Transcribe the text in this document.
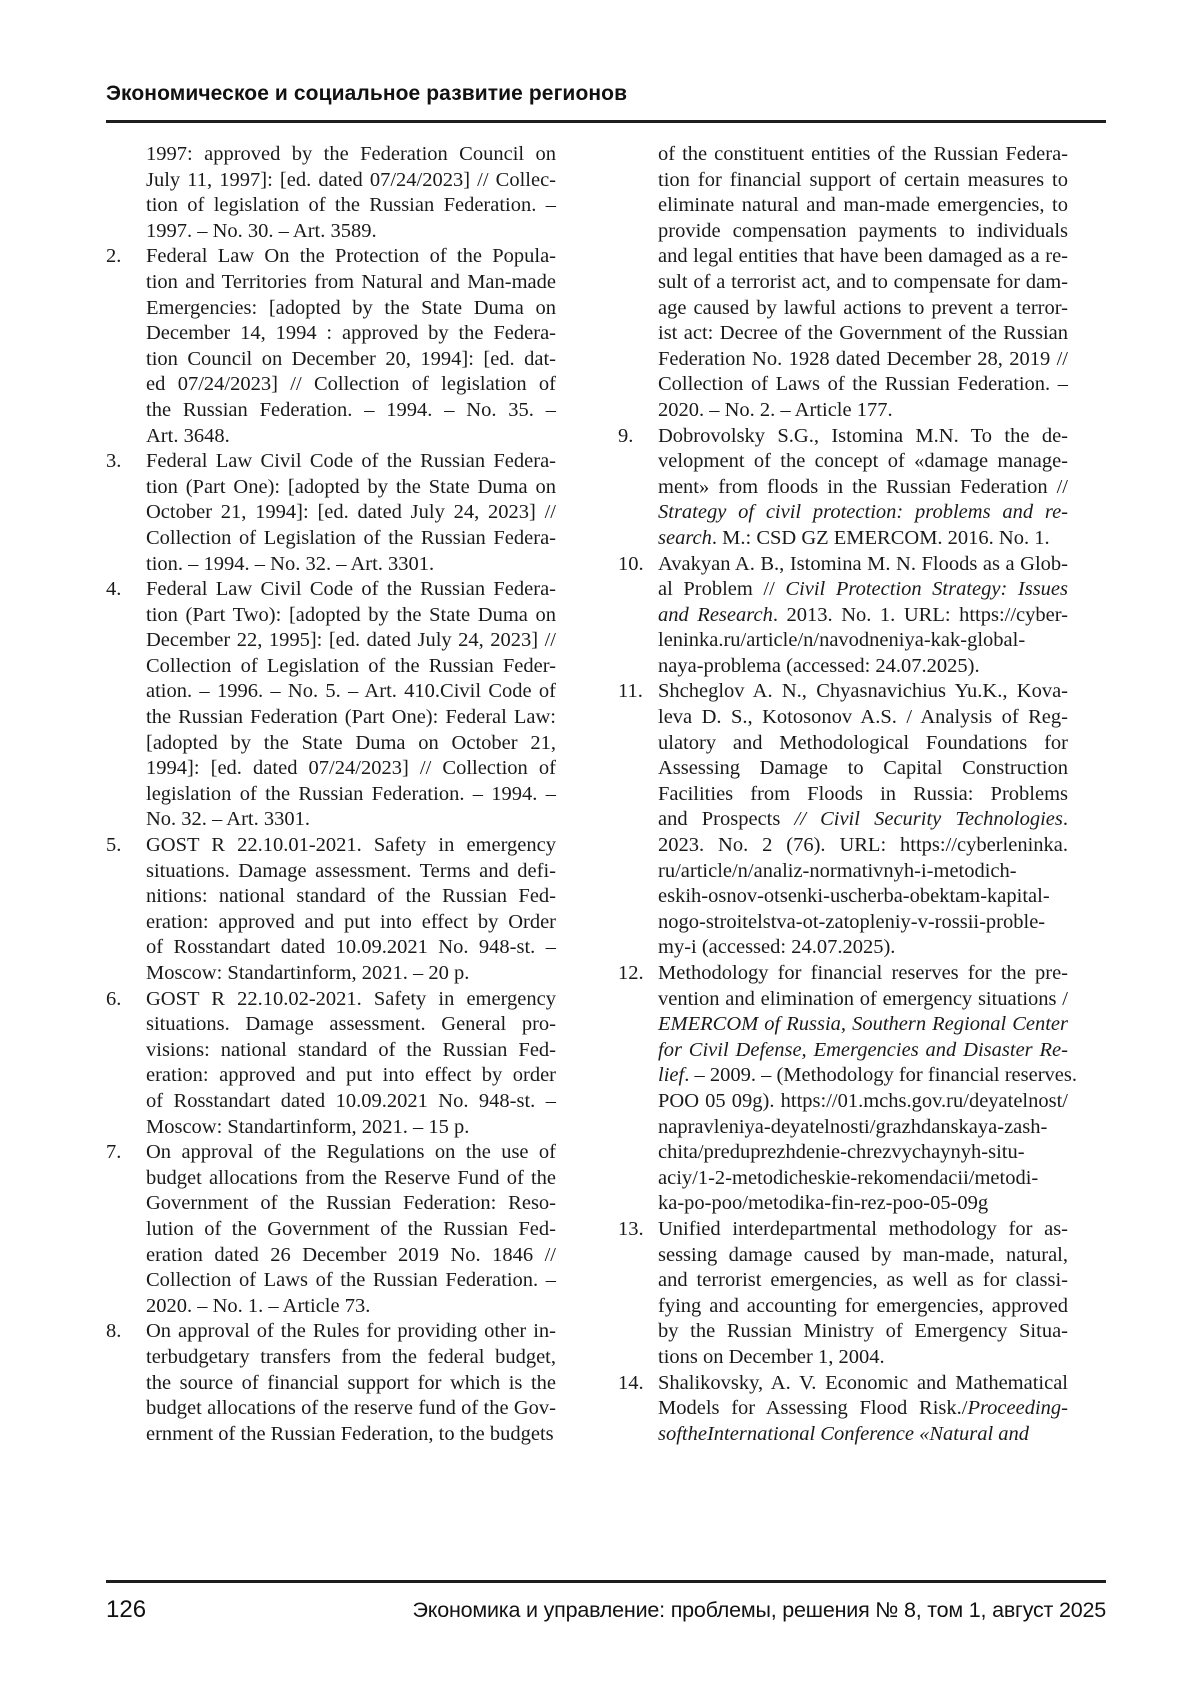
Экономическое и социальное развитие регионов
1997: approved by the Federation Council on
July 11, 1997]: [ed. dated 07/24/2023] // Collec-
tion of legislation of the Russian Federation. –
1997. – No. 30. – Art. 3589.
2. Federal Law On the Protection of the Popula-
tion and Territories from Natural and Man-made
Emergencies: [adopted by the State Duma on
December 14, 1994 : approved by the Federa-
tion Council on December 20, 1994]: [ed. dat-
ed 07/24/2023] // Collection of legislation of
the Russian Federation. – 1994. – No. 35. –
Art. 3648.
3. Federal Law Civil Code of the Russian Federa-
tion (Part One): [adopted by the State Duma on
October 21, 1994]: [ed. dated July 24, 2023] //
Collection of Legislation of the Russian Federa-
tion. – 1994. – No. 32. – Art. 3301.
4. Federal Law Civil Code of the Russian Federa-
tion (Part Two): [adopted by the State Duma on
December 22, 1995]: [ed. dated July 24, 2023] //
Collection of Legislation of the Russian Feder-
ation. – 1996. – No. 5. – Art. 410.Civil Code of
the Russian Federation (Part One): Federal Law:
[adopted by the State Duma on October 21,
1994]: [ed. dated 07/24/2023] // Collection of
legislation of the Russian Federation. – 1994. –
No. 32. – Art. 3301.
5. GOST R 22.10.01-2021. Safety in emergency
situations. Damage assessment. Terms and defi-
nitions: national standard of the Russian Fed-
eration: approved and put into effect by Order
of Rosstandart dated 10.09.2021 No. 948-st. –
Moscow: Standartinform, 2021. – 20 p.
6. GOST R 22.10.02-2021. Safety in emergency
situations. Damage assessment. General pro-
visions: national standard of the Russian Fed-
eration: approved and put into effect by order
of Rosstandart dated 10.09.2021 No. 948-st. –
Moscow: Standartinform, 2021. – 15 p.
7. On approval of the Regulations on the use of
budget allocations from the Reserve Fund of the
Government of the Russian Federation: Reso-
lution of the Government of the Russian Fed-
eration dated 26 December 2019 No. 1846 //
Collection of Laws of the Russian Federation. –
2020. – No. 1. – Article 73.
8. On approval of the Rules for providing other in-
terbudgetary transfers from the federal budget,
the source of financial support for which is the
budget allocations of the reserve fund of the Gov-
ernment of the Russian Federation, to the budgets
of the constituent entities of the Russian Federa-
tion for financial support of certain measures to
eliminate natural and man-made emergencies, to
provide compensation payments to individuals
and legal entities that have been damaged as a re-
sult of a terrorist act, and to compensate for dam-
age caused by lawful actions to prevent a terror-
ist act: Decree of the Government of the Russian
Federation No. 1928 dated December 28, 2019 //
Collection of Laws of the Russian Federation. –
2020. – No. 2. – Article 177.
9. Dobrovolsky S.G., Istomina M.N. To the de-
velopment of the concept of «damage manage-
ment» from floods in the Russian Federation //
Strategy of civil protection: problems and re-
search. M.: CSD GZ EMERCOM. 2016. No. 1.
10. Avakyan A. B., Istomina M. N. Floods as a Glob-
al Problem // Civil Protection Strategy: Issues
and Research. 2013. No. 1. URL: https://cyber-
leninka.ru/article/n/navodneniya-kak-global-
naya-problema (accessed: 24.07.2025).
11. Shcheglov A. N., Chyasnavichius Yu.K., Kova-
leva D. S., Kotosonov A.S. / Analysis of Reg-
ulatory and Methodological Foundations for
Assessing Damage to Capital Construction
Facilities from Floods in Russia: Problems
and Prospects // Civil Security Technologies.
2023. No. 2 (76). URL: https://cyberleninka.
ru/article/n/analiz-normativnyh-i-metodich-
eskih-osnov-otsenki-uscherba-obektam-kapital-
nogo-stroitelstva-ot-zatopleniy-v-rossii-proble-
my-i (accessed: 24.07.2025).
12. Methodology for financial reserves for the pre-
vention and elimination of emergency situations /
EMERCOM of Russia, Southern Regional Center
for Civil Defense, Emergencies and Disaster Re-
lief. – 2009. – (Methodology for financial reserves.
POO 05 09g). https://01.mchs.gov.ru/deyatelnost/
napravleniya-deyatelnosti/grazhdanskaya-zash-
chita/preduprezhdenie-chrezvychaynyh-situ-
aciy/1-2-metodicheskie-rekomendacii/metodi-
ka-po-poo/metodika-fin-rez-poo-05-09g
13. Unified interdepartmental methodology for as-
sessing damage caused by man-made, natural,
and terrorist emergencies, as well as for classi-
fying and accounting for emergencies, approved
by the Russian Ministry of Emergency Situa-
tions on December 1, 2004.
14. Shalikovsky, A. V. Economic and Mathematical
Models for Assessing Flood Risk./Proceeding-
softheInternational Conference «Natural and
126	Экономика и управление: проблемы, решения № 8, том 1, август 2025
